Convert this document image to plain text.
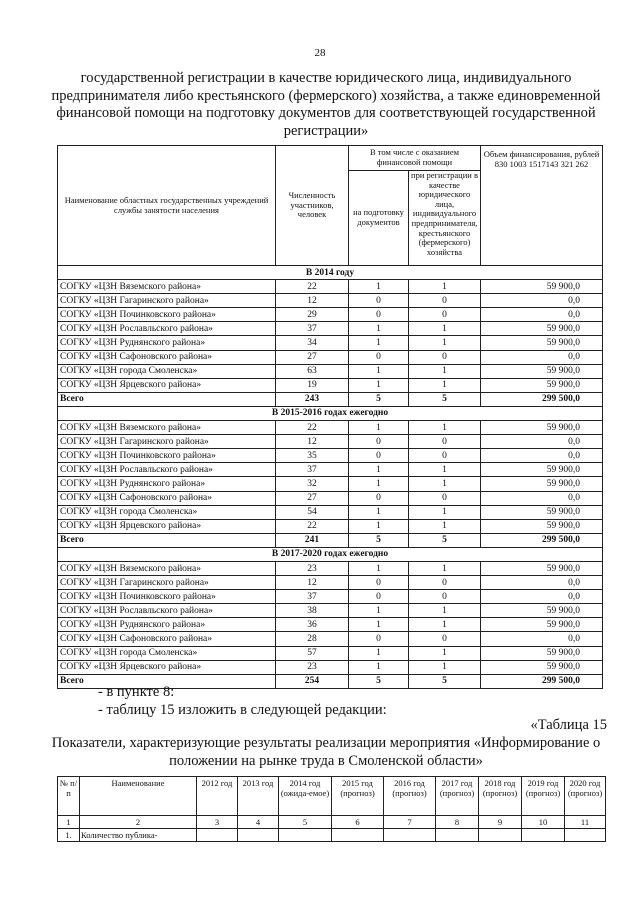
28
государственной регистрации в качестве юридического лица, индивидуального предпринимателя либо крестьянского (фермерского) хозяйства, а также единовременной финансовой помощи на подготовку документов для соответствующей государственной регистрации»
Наименование областных государственных учреждений службы занятости населения	Численность участников, человек	В том числе с оказанием финансовой помощи		Объем финансирования, рублей 830 1003 1517143 321 262
		на подготовку документов	при регистрации в качестве юридического лица, индивидуального предпринимателя, крестьянского (фермерского) хозяйства	
В 2014 году				
СОГКУ «ЦЗН Вяземского района»	22	1	1	59 900,0
СОГКУ «ЦЗН Гагаринского района»	12	0	0	0,0
СОГКУ «ЦЗН Починковского района»	29	0	0	0,0
СОГКУ «ЦЗН Рославльского района»	37	1	1	59 900,0
СОГКУ «ЦЗН Руднянского района»	34	1	1	59 900,0
СОГКУ «ЦЗН Сафоновского района»	27	0	0	0,0
СОГКУ «ЦЗН города Смоленска»	63	1	1	59 900,0
СОГКУ «ЦЗН Ярцевского района»	19	1	1	59 900,0
Всего	243	5	5	299 500,0
В 2015-2016 годах ежегодно				
СОГКУ «ЦЗН Вяземского района»	22	1	1	59 900,0
СОГКУ «ЦЗН Гагаринского района»	12	0	0	0,0
СОГКУ «ЦЗН Починковского района»	35	0	0	0,0
СОГКУ «ЦЗН Рославльского района»	37	1	1	59 900,0
СОГКУ «ЦЗН Руднянского района»	32	1	1	59 900,0
СОГКУ «ЦЗН Сафоновского района»	27	0	0	0,0
СОГКУ «ЦЗН города Смоленска»	54	1	1	59 900,0
СОГКУ «ЦЗН Ярцевского района»	22	1	1	59 900,0
Всего	241	5	5	299 500,0
В 2017-2020 годах ежегодно				
СОГКУ «ЦЗН Вяземского района»	23	1	1	59 900,0
СОГКУ «ЦЗН Гагаринского района»	12	0	0	0,0
СОГКУ «ЦЗН Починковского района»	37	0	0	0,0
СОГКУ «ЦЗН Рославльского района»	38	1	1	59 900,0
СОГКУ «ЦЗН Руднянского района»	36	1	1	59 900,0
СОГКУ «ЦЗН Сафоновского района»	28	0	0	0,0
СОГКУ «ЦЗН города Смоленска»	57	1	1	59 900,0
СОГКУ «ЦЗН Ярцевского района»	23	1	1	59 900,0
Всего	254	5	5	299 500,0
- в пункте 8:
- таблицу 15 изложить в следующей редакции:
«Таблица 15
Показатели, характеризующие результаты реализации мероприятия «Информирование о положении на рынке труда в Смоленской области»
№ п/п	Наименование	2012 год	2013 год	2014 год (ожида-емое)	2015 год (прогноз)	2016 год (прогноз)	2017 год (прогноз)	2018 год (прогноз)	2019 год (прогноз)	2020 год (прогноз)
1	2	3	4	5	6	7	8	9	10	11
1.	Количество публика-									
